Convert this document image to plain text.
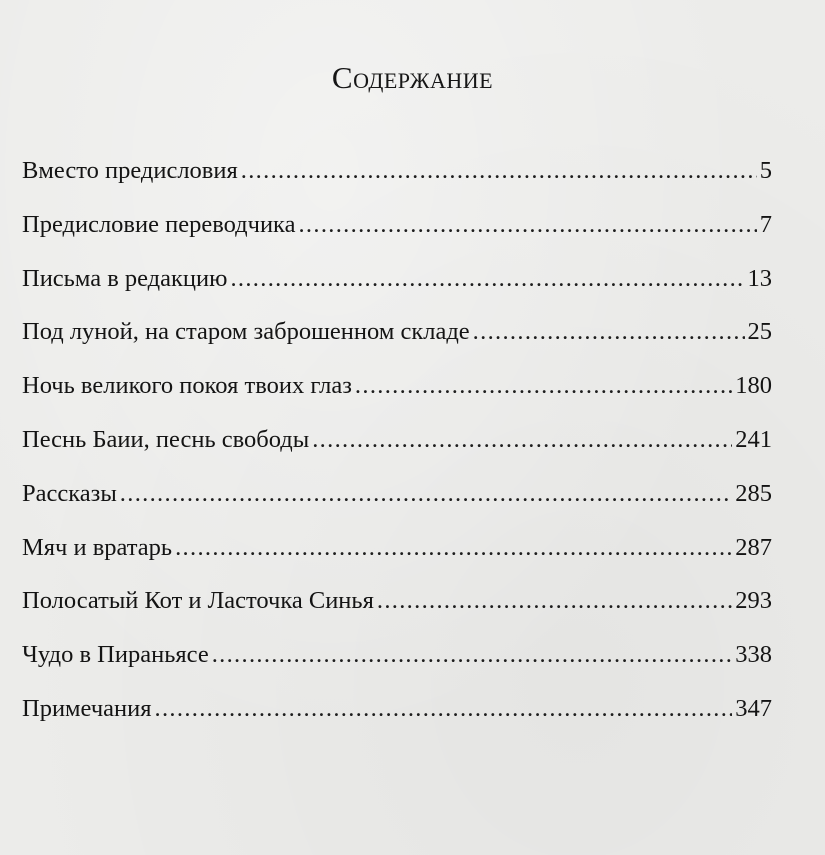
Содержание
Вместо предисловия . . .	5
Предисловие переводчика . . .	7
Письма в редакцию . . .	13
Под луной, на старом заброшенном складе . . .	25
Ночь великого покоя твоих глаз . . .	180
Песнь Баии, песнь свободы . . .	241
Рассказы . . .	285
Мяч и вратарь . . .	287
Полосатый Кот и Ласточка Синья . . .	293
Чудо в Пираньясе . . .	338
Примечания . . .	347
